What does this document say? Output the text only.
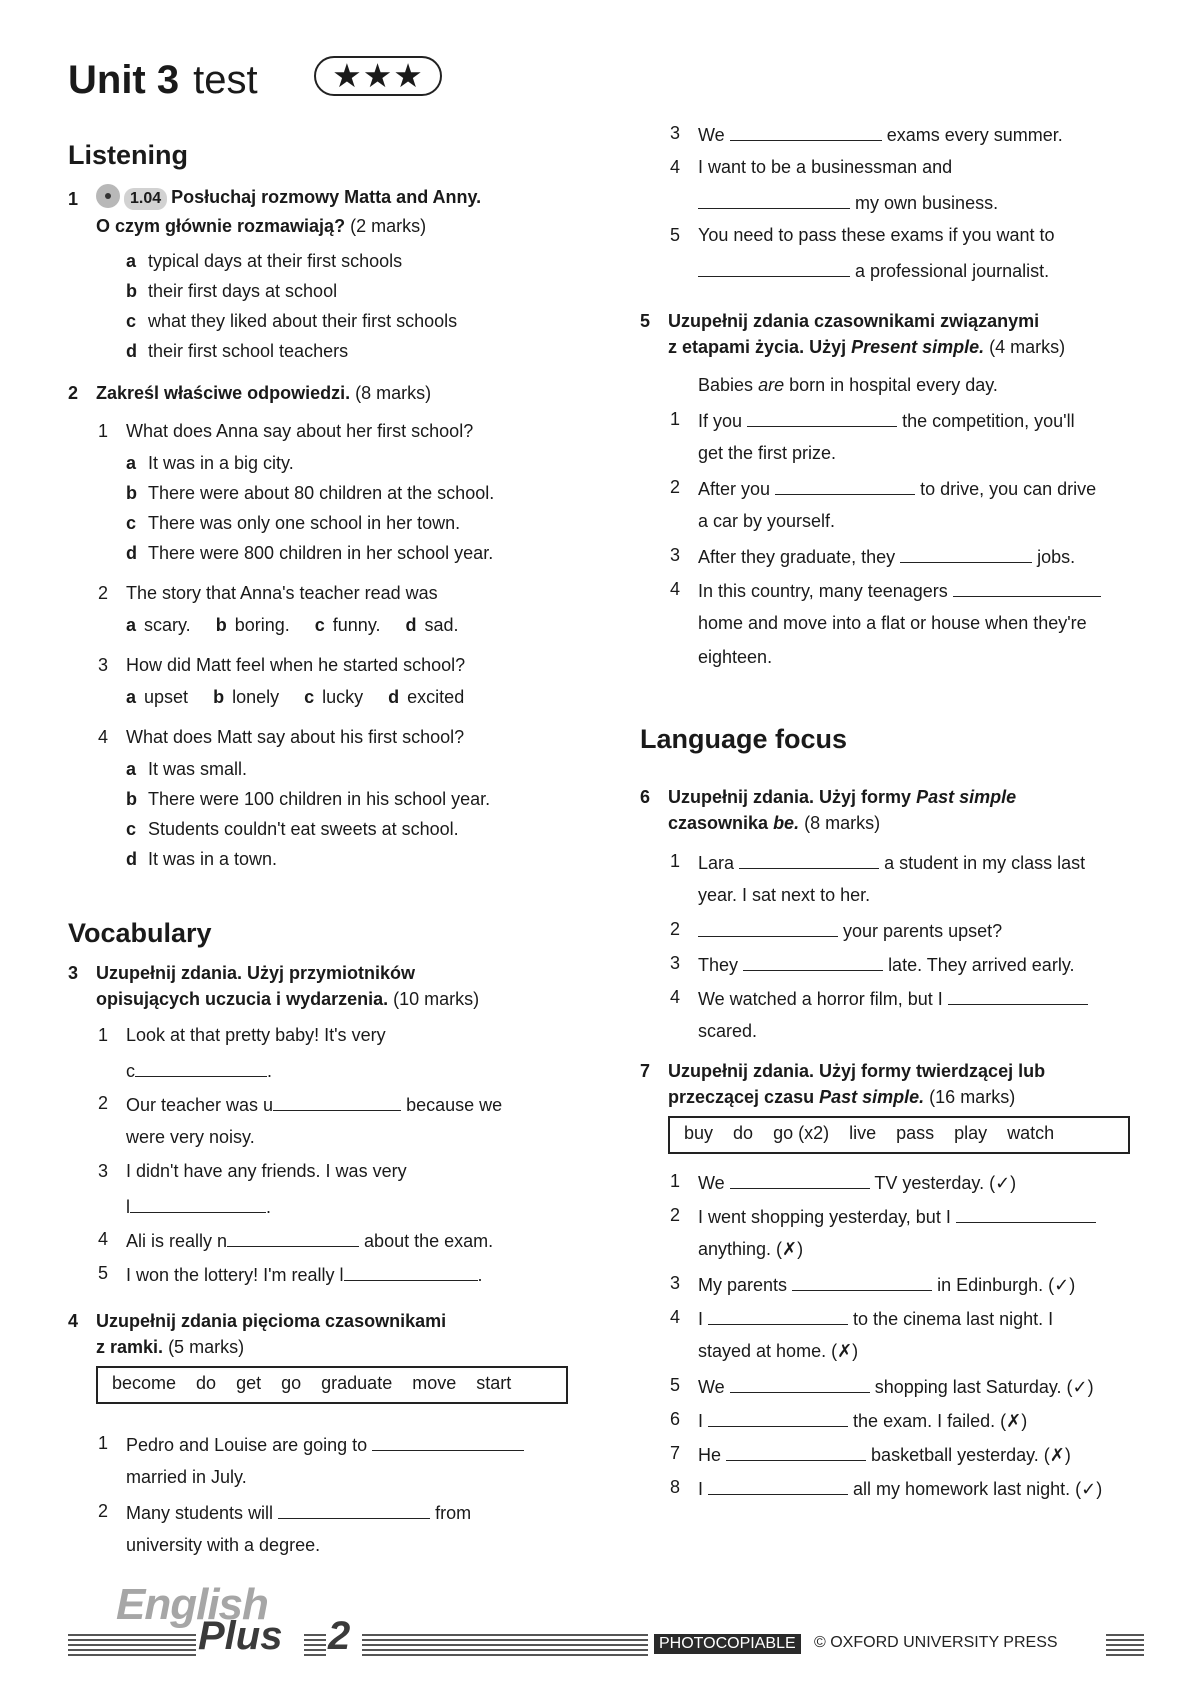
Unit 3 test	★★★
Listening
1	1.04 Posłuchaj rozmowy Matta and Anny.
O czym głównie rozmawiają? (2 marks)
a typical days at their first schools
b their first days at school
c what they liked about their first schools
d their first school teachers
2 Zakreśl właściwe odpowiedzi. (8 marks)
1 What does Anna say about her first school?
a It was in a big city.
b There were about 80 children at the school.
c There was only one school in her town.
d There were 800 children in her school year.
2 The story that Anna's teacher read was
a scary. b boring. c funny. d sad.
3 How did Matt feel when he started school?
a upset b lonely c lucky d excited
4 What does Matt say about his first school?
a It was small.
b There were 100 children in his school year.
c Students couldn't eat sweets at school.
d It was in a town.
Vocabulary
3 Uzupełnij zdania. Użyj przymiotników
opisujących uczucia i wydarzenia. (10 marks)
1 Look at that pretty baby! It's very
c	.
2 Our teacher was u	because we
were very noisy.
3 I didn't have any friends. I was very
l	.
4 Ali is really n	about the exam.
5 I won the lottery! I'm really l	.
4 Uzupełnij zdania pięcioma czasownikami
z ramki. (5 marks)
become do get go graduate move start
1 Pedro and Louise are going to
married in July.
2 Many students will	from
university with a degree.
3 We	exams every summer.
4 I want to be a businessman and
my own business.
5 You need to pass these exams if you want to
a professional journalist.
5 Uzupełnij zdania czasownikami związanymi
z etapami życia. Użyj Present simple. (4 marks)
Babies are born in hospital every day.
1 If you	the competition, you'll
get the first prize.
2 After you	to drive, you can drive
a car by yourself.
3 After they graduate, they	jobs.
4 In this country, many teenagers
home and move into a flat or house when they're
eighteen.
Language focus
6 Uzupełnij zdania. Użyj formy Past simple
czasownika be. (8 marks)
1 Lara	a student in my class last
year. I sat next to her.
2	your parents upset?
3 They	late. They arrived early.
4 We watched a horror film, but I
scared.
7 Uzupełnij zdania. Użyj formy twierdzącej lub
przeczącej czasu Past simple. (16 marks)
buy do go (x2) live pass play watch
1 We	TV yesterday. (✓)
2 I went shopping yesterday, but I
anything. (✗)
3 My parents	in Edinburgh. (✓)
4 I	to the cinema last night. I
stayed at home. (✗)
5 We	shopping last Saturday. (✓)
6 I	the exam. I failed. (✗)
7 He	basketball yesterday. (✗)
8 I	all my homework last night. (✓)
English
Plus 2	PHOTOCOPIABLE	© OXFORD UNIVERSITY PRESS
